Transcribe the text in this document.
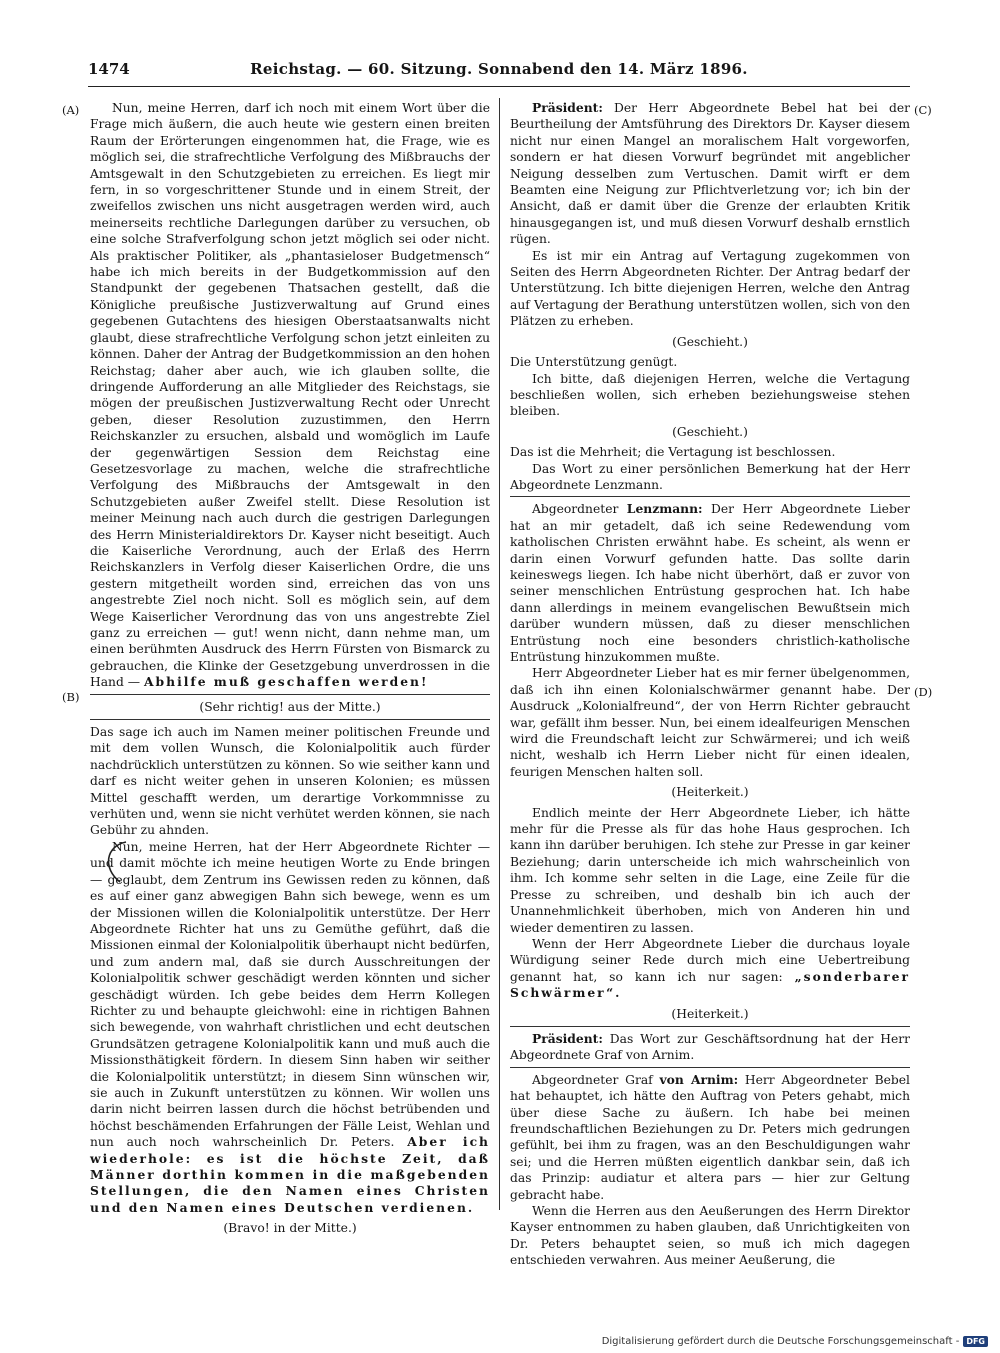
1474	Reichstag. — 60. Sitzung. Sonnabend den 14. März 1896.
(A)
(B)
(C)
(D)

Nun, meine Herren, darf ich noch mit einem Wort über die Frage mich äußern, die auch heute wie gestern einen breiten Raum der Erörterungen eingenommen hat, die Frage, wie es möglich sei, die strafrechtliche Verfolgung des Mißbrauchs der Amtsgewalt in den Schutzgebieten zu erreichen. Es liegt mir fern, in so vorgeschrittener Stunde und in einem Streit, der zweifellos zwischen uns nicht ausgetragen werden wird, auch meinerseits rechtliche Darlegungen darüber zu versuchen, ob eine solche Strafverfolgung schon jetzt möglich sei oder nicht. Als praktischer Politiker, als „phantasieloser Budgetmensch“ habe ich mich bereits in der Budgetkommission auf den Standpunkt der gegebenen Thatsachen gestellt, daß die Königliche preußische Justizverwaltung auf Grund eines gegebenen Gutachtens des hiesigen Oberstaatsanwalts nicht glaubt, diese strafrechtliche Verfolgung schon jetzt einleiten zu können. Daher der Antrag der Budgetkommission an den hohen Reichstag; daher aber auch, wie ich glauben sollte, die dringende Aufforderung an alle Mitglieder des Reichstags, sie mögen der preußischen Justizverwaltung Recht oder Unrecht geben, dieser Resolution zuzustimmen, den Herrn Reichskanzler zu ersuchen, alsbald und womöglich im Laufe der gegenwärtigen Session dem Reichstag eine Gesetzesvorlage zu machen, welche die strafrechtliche Verfolgung des Mißbrauchs der Amtsgewalt in den Schutzgebieten außer Zweifel stellt. Diese Resolution ist meiner Meinung nach auch durch die gestrigen Darlegungen des Herrn Ministerialdirektors Dr. Kayser nicht beseitigt. Auch die Kaiserliche Verordnung, auch der Erlaß des Herrn Reichskanzlers in Verfolg dieser Kaiserlichen Ordre, die uns gestern mitgetheilt worden sind, erreichen das von uns angestrebte Ziel noch nicht. Soll es möglich sein, auf dem Wege Kaiserlicher Verordnung das von uns angestrebte Ziel ganz zu erreichen — gut! wenn nicht, dann nehme man, um einen berühmten Ausdruck des Herrn Fürsten von Bismarck zu gebrauchen, die Klinke der Gesetzgebung unverdrossen in die Hand — Abhilfe muß geschaffen werden!

(Sehr richtig! aus der Mitte.)

Das sage ich auch im Namen meiner politischen Freunde und mit dem vollen Wunsch, die Kolonialpolitik auch fürder nachdrücklich unterstützen zu können. So wie seither kann und darf es nicht weiter gehen in unseren Kolonien; es müssen Mittel geschafft werden, um derartige Vorkommnisse zu verhüten und, wenn sie nicht verhütet werden können, sie nach Gebühr zu ahnden.

Nun, meine Herren, hat der Herr Abgeordnete Richter — und damit möchte ich meine heutigen Worte zu Ende bringen — geglaubt, dem Zentrum ins Gewissen reden zu können, daß es auf einer ganz abwegigen Bahn sich bewege, wenn es um der Missionen willen die Kolonialpolitik unterstütze. Der Herr Abgeordnete Richter hat uns zu Gemüthe geführt, daß die Missionen einmal der Kolonialpolitik überhaupt nicht bedürfen, und zum andern mal, daß sie durch Ausschreitungen der Kolonialpolitik schwer geschädigt werden könnten und sicher geschädigt würden. Ich gebe beides dem Herrn Kollegen Richter zu und behaupte gleichwohl: eine in richtigen Bahnen sich bewegende, von wahrhaft christlichen und echt deutschen Grundsätzen getragene Kolonialpolitik kann und muß auch die Missionsthätigkeit fördern. In diesem Sinn haben wir seither die Kolonialpolitik unterstützt; in diesem Sinn wünschen wir, sie auch in Zukunft unterstützen zu können. Wir wollen uns darin nicht beirren lassen durch die höchst betrübenden und höchst beschämenden Erfahrungen der Fälle Leist, Wehlan und nun auch noch wahrscheinlich Dr. Peters. Aber ich wiederhole: es ist die höchste Zeit, daß Männer dorthin kommen in die maßgebenden Stellungen, die den Namen eines Christen und den Namen eines Deutschen verdienen.

(Bravo! in der Mitte.)

Präsident: Der Herr Abgeordnete Bebel hat bei der Beurtheilung der Amtsführung des Direktors Dr. Kayser diesem nicht nur einen Mangel an moralischem Halt vorgeworfen, sondern er hat diesen Vorwurf begründet mit angeblicher Neigung desselben zum Vertuschen. Damit wirft er dem Beamten eine Neigung zur Pflichtverletzung vor; ich bin der Ansicht, daß er damit über die Grenze der erlaubten Kritik hinausgegangen ist, und muß diesen Vorwurf deshalb ernstlich rügen.

Es ist mir ein Antrag auf Vertagung zugekommen von Seiten des Herrn Abgeordneten Richter. Der Antrag bedarf der Unterstützung. Ich bitte diejenigen Herren, welche den Antrag auf Vertagung der Berathung unterstützen wollen, sich von den Plätzen zu erheben.

(Geschieht.)

Die Unterstützung genügt.

Ich bitte, daß diejenigen Herren, welche die Vertagung beschließen wollen, sich erheben beziehungsweise stehen bleiben.

(Geschieht.)

Das ist die Mehrheit; die Vertagung ist beschlossen.

Das Wort zu einer persönlichen Bemerkung hat der Herr Abgeordnete Lenzmann.

Abgeordneter Lenzmann: Der Herr Abgeordnete Lieber hat an mir getadelt, daß ich seine Redewendung vom katholischen Christen erwähnt habe. Es scheint, als wenn er darin einen Vorwurf gefunden hatte. Das sollte darin keineswegs liegen. Ich habe nicht überhört, daß er zuvor von seiner menschlichen Entrüstung gesprochen hat. Ich habe dann allerdings in meinem evangelischen Bewußtsein mich darüber wundern müssen, daß zu dieser menschlichen Entrüstung noch eine besonders christlich-katholische Entrüstung hinzukommen mußte.

Herr Abgeordneter Lieber hat es mir ferner übelgenommen, daß ich ihn einen Kolonialschwärmer genannt habe. Der Ausdruck „Kolonialfreund“, der von Herrn Richter gebraucht war, gefällt ihm besser. Nun, bei einem idealfeurigen Menschen wird die Freundschaft leicht zur Schwärmerei; und ich weiß nicht, weshalb ich Herrn Lieber nicht für einen idealen, feurigen Menschen halten soll.

(Heiterkeit.)

Endlich meinte der Herr Abgeordnete Lieber, ich hätte mehr für die Presse als für das hohe Haus gesprochen. Ich kann ihn darüber beruhigen. Ich stehe zur Presse in gar keiner Beziehung; darin unterscheide ich mich wahrscheinlich von ihm. Ich komme sehr selten in die Lage, eine Zeile für die Presse zu schreiben, und deshalb bin ich auch der Unannehmlichkeit überhoben, mich von Anderen hin und wieder dementiren zu lassen.

Wenn der Herr Abgeordnete Lieber die durchaus loyale Würdigung seiner Rede durch mich eine Uebertreibung genannt hat, so kann ich nur sagen: „sonderbarer Schwärmer“.

(Heiterkeit.)

Präsident: Das Wort zur Geschäftsordnung hat der Herr Abgeordnete Graf von Arnim.

Abgeordneter Graf von Arnim: Herr Abgeordneter Bebel hat behauptet, ich hätte den Auftrag von Peters gehabt, mich über diese Sache zu äußern. Ich habe bei meinen freundschaftlichen Beziehungen zu Dr. Peters mich gedrungen gefühlt, bei ihm zu fragen, was an den Beschuldigungen wahr sei; und die Herren müßten eigentlich dankbar sein, daß ich das Prinzip: audiatur et altera pars — hier zur Geltung gebracht habe.

Wenn die Herren aus den Aeußerungen des Herrn Direktor Kayser entnommen zu haben glauben, daß Unrichtigkeiten von Dr. Peters behauptet seien, so muß ich mich dagegen entschieden verwahren. Aus meiner Aeußerung, die

Digitalisierung gefördert durch die Deutsche Forschungsgemeinschaft - DFG
